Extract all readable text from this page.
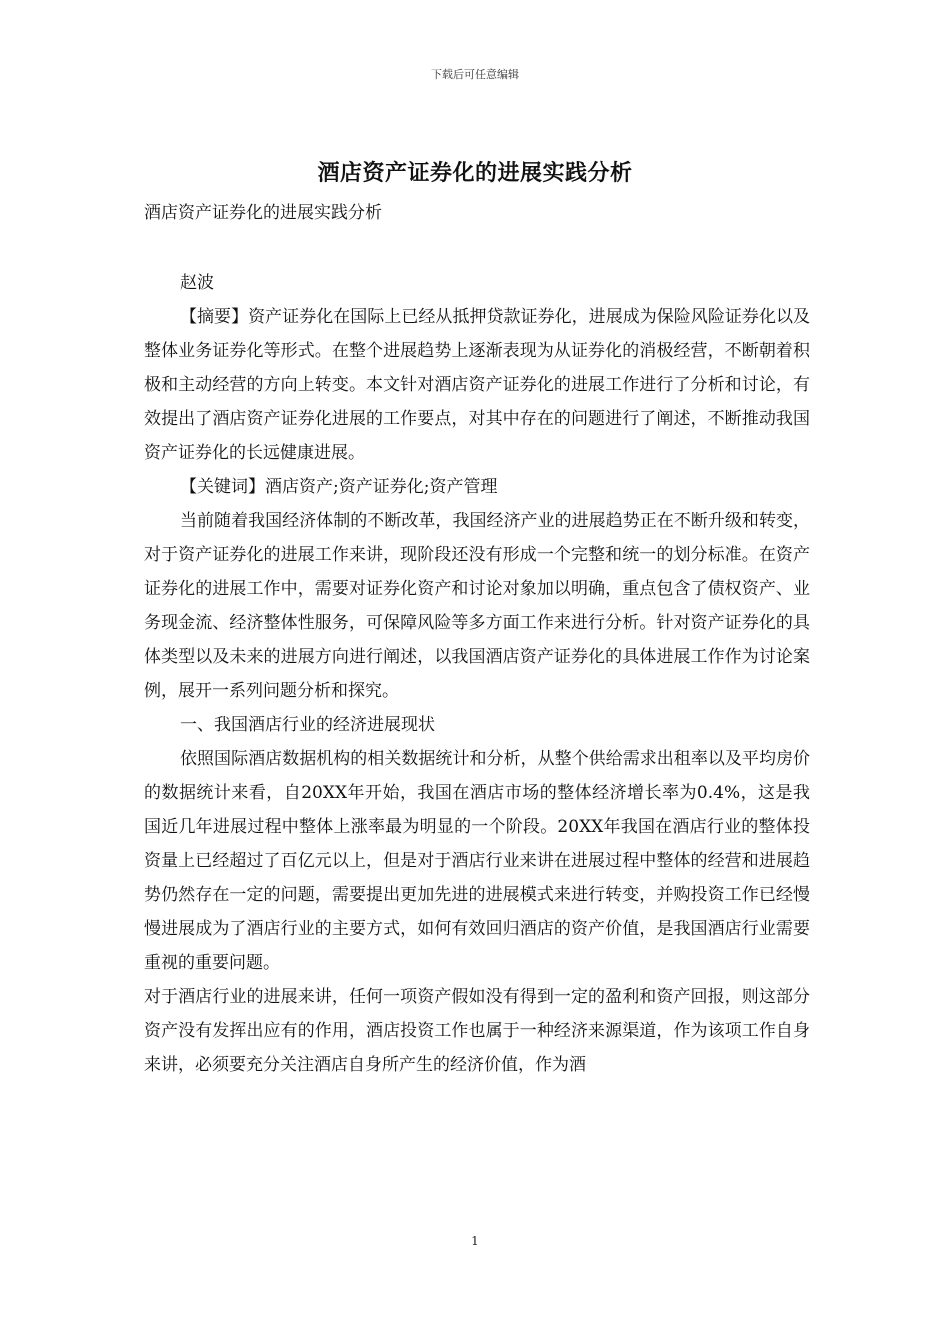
下载后可任意编辑
酒店资产证券化的进展实践分析

酒店资产证券化的进展实践分析

赵波

【摘要】资产证券化在国际上已经从抵押贷款证券化，进展成为保险风险证券化以及整体业务证券化等形式。在整个进展趋势上逐渐表现为从证券化的消极经营，不断朝着积极和主动经营的方向上转变。本文针对酒店资产证券化的进展工作进行了分析和讨论，有效提出了酒店资产证券化进展的工作要点，对其中存在的问题进行了阐述，不断推动我国资产证券化的长远健康进展。

【关键词】酒店资产;资产证券化;资产管理

当前随着我国经济体制的不断改革，我国经济产业的进展趋势正在不断升级和转变，对于资产证券化的进展工作来讲，现阶段还没有形成一个完整和统一的划分标准。在资产证券化的进展工作中，需要对证券化资产和讨论对象加以明确，重点包含了债权资产、业务现金流、经济整体性服务，可保障风险等多方面工作来进行分析。针对资产证券化的具体类型以及未来的进展方向进行阐述，以我国酒店资产证券化的具体进展工作作为讨论案例，展开一系列问题分析和探究。

一、我国酒店行业的经济进展现状

依照国际酒店数据机构的相关数据统计和分析，从整个供给需求出租率以及平均房价的数据统计来看，自20XX年开始，我国在酒店市场的整体经济增长率为0.4%，这是我国近几年进展过程中整体上涨率最为明显的一个阶段。20XX年我国在酒店行业的整体投资量上已经超过了百亿元以上，但是对于酒店行业来讲在进展过程中整体的经营和进展趋势仍然存在一定的问题，需要提出更加先进的进展模式来进行转变，并购投资工作已经慢慢进展成为了酒店行业的主要方式，如何有效回归酒店的资产价值，是我国酒店行业需要重视的重要问题。

对于酒店行业的进展来讲，任何一项资产假如没有得到一定的盈利和资产回报，则这部分资产没有发挥出应有的作用，酒店投资工作也属于一种经济来源渠道，作为该项工作自身来讲，必须要充分关注酒店自身所产生的经济价值，作为酒

1
